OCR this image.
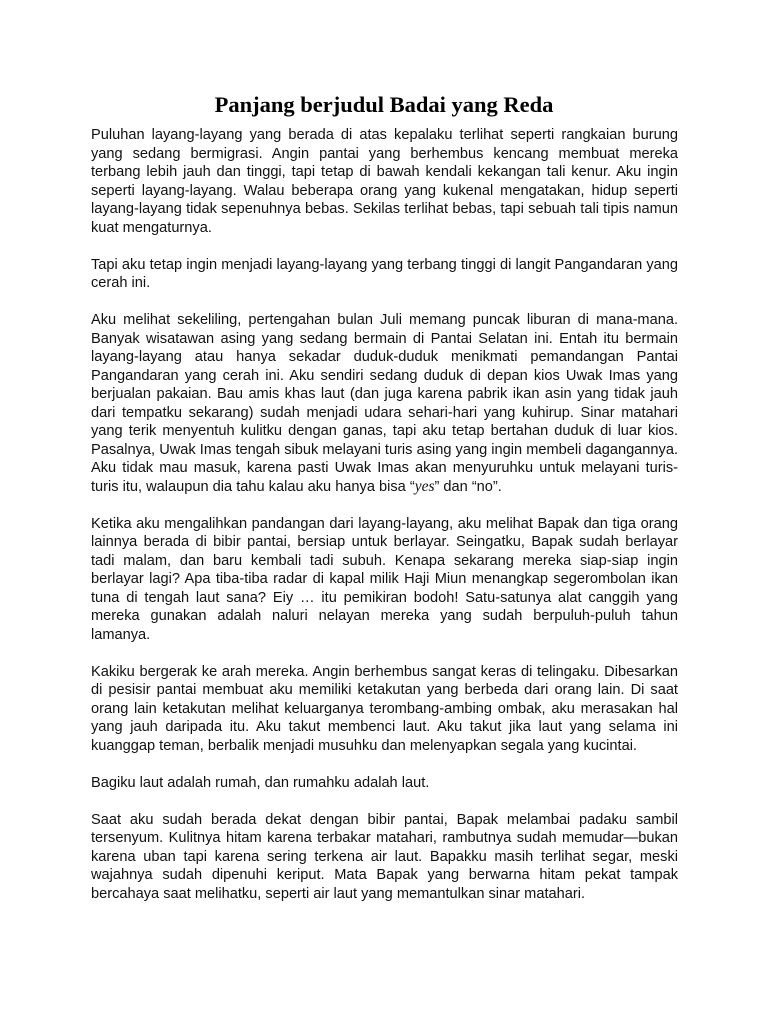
Panjang berjudul Badai yang Reda

Puluhan layang-layang yang berada di atas kepalaku terlihat seperti rangkaian burung yang sedang bermigrasi. Angin pantai yang berhembus kencang membuat mereka terbang lebih jauh dan tinggi, tapi tetap di bawah kendali kekangan tali kenur. Aku ingin seperti layang-layang. Walau beberapa orang yang kukenal mengatakan, hidup seperti layang-layang tidak sepenuhnya bebas. Sekilas terlihat bebas, tapi sebuah tali tipis namun kuat mengaturnya.

Tapi aku tetap ingin menjadi layang-layang yang terbang tinggi di langit Pangandaran yang cerah ini.

Aku melihat sekeliling, pertengahan bulan Juli memang puncak liburan di mana-mana. Banyak wisatawan asing yang sedang bermain di Pantai Selatan ini. Entah itu bermain layang-layang atau hanya sekadar duduk-duduk menikmati pemandangan Pantai Pangandaran yang cerah ini. Aku sendiri sedang duduk di depan kios Uwak Imas yang berjualan pakaian. Bau amis khas laut (dan juga karena pabrik ikan asin yang tidak jauh dari tempatku sekarang) sudah menjadi udara sehari-hari yang kuhirup. Sinar matahari yang terik menyentuh kulitku dengan ganas, tapi aku tetap bertahan duduk di luar kios. Pasalnya, Uwak Imas tengah sibuk melayani turis asing yang ingin membeli dagangannya. Aku tidak mau masuk, karena pasti Uwak Imas akan menyuruhku untuk melayani turis-turis itu, walaupun dia tahu kalau aku hanya bisa “yes” dan “no”.

Ketika aku mengalihkan pandangan dari layang-layang, aku melihat Bapak dan tiga orang lainnya berada di bibir pantai, bersiap untuk berlayar. Seingatku, Bapak sudah berlayar tadi malam, dan baru kembali tadi subuh. Kenapa sekarang mereka siap-siap ingin berlayar lagi? Apa tiba-tiba radar di kapal milik Haji Miun menangkap segerombolan ikan tuna di tengah laut sana? Eiy … itu pemikiran bodoh! Satu-satunya alat canggih yang mereka gunakan adalah naluri nelayan mereka yang sudah berpuluh-puluh tahun lamanya.

Kakiku bergerak ke arah mereka. Angin berhembus sangat keras di telingaku. Dibesarkan di pesisir pantai membuat aku memiliki ketakutan yang berbeda dari orang lain. Di saat orang lain ketakutan melihat keluarganya terombang-ambing ombak, aku merasakan hal yang jauh daripada itu. Aku takut membenci laut. Aku takut jika laut yang selama ini kuanggap teman, berbalik menjadi musuhku dan melenyapkan segala yang kucintai.

Bagiku laut adalah rumah, dan rumahku adalah laut.

Saat aku sudah berada dekat dengan bibir pantai, Bapak melambai padaku sambil tersenyum. Kulitnya hitam karena terbakar matahari, rambutnya sudah memudar—bukan karena uban tapi karena sering terkena air laut. Bapakku masih terlihat segar, meski wajahnya sudah dipenuhi keriput. Mata Bapak yang berwarna hitam pekat tampak bercahaya saat melihatku, seperti air laut yang memantulkan sinar matahari.
